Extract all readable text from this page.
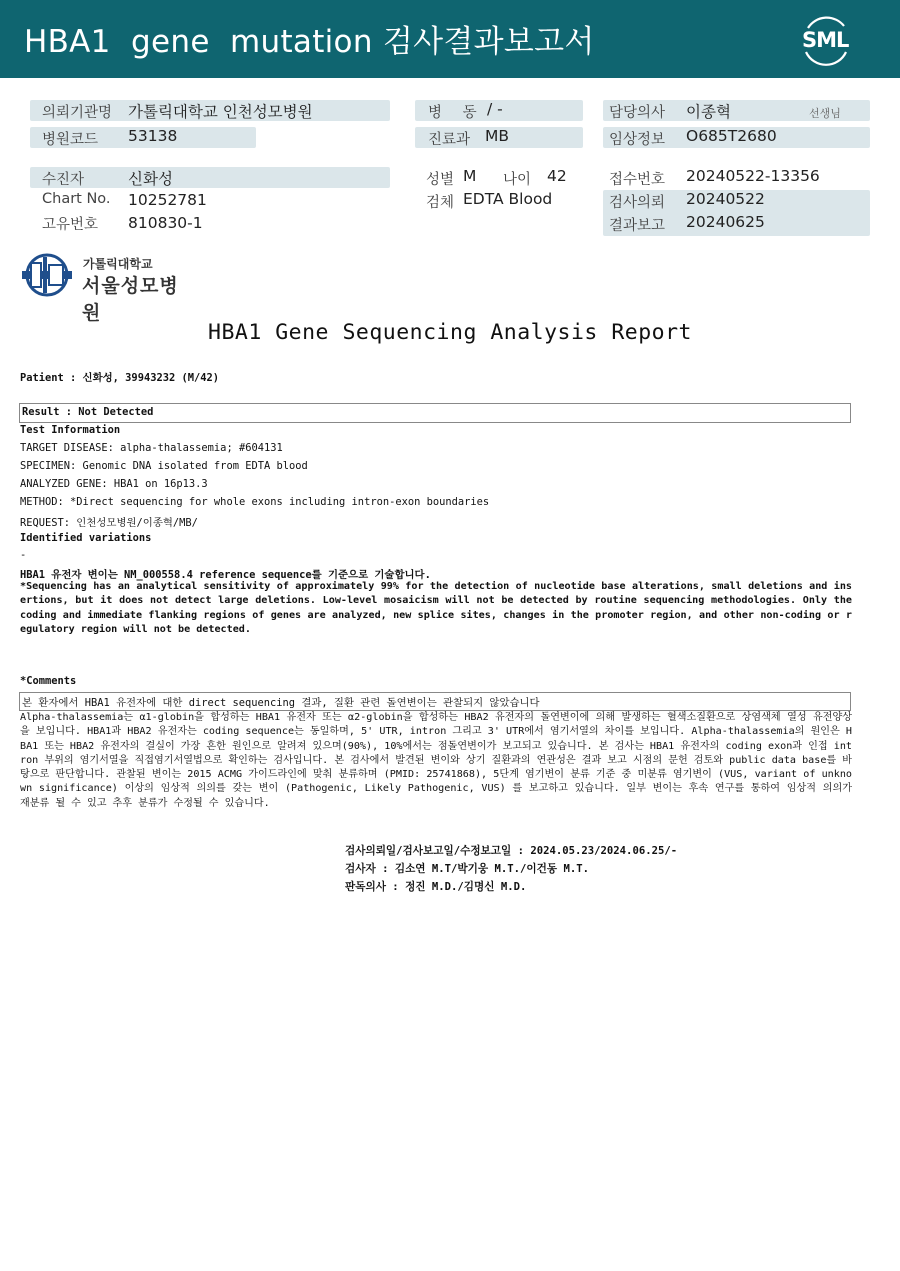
HBA1  gene  mutation 검사결과보고서	SML
의뢰기관명 가톨릭대학교 인천성모병원	병 동 / -	담당의사 이종혁	선생님
병원코드 53138	진료과 MB	임상정보 O685T2680
수진자	신화성	성별 M 나이 42	접수번호 20240522-13356
Chart No. 10252781	검체 EDTA Blood	검사의뢰 20240522
고유번호 810830-1	결과보고 20240625
가톨릭대학교
서울성모병원
HBA1 Gene Sequencing Analysis Report
Patient : 신화성, 39943232 (M/42)
Result : Not Detected
Test Information
TARGET DISEASE: alpha-thalassemia; #604131
SPECIMEN: Genomic DNA isolated from EDTA blood
ANALYZED GENE: HBA1 on 16p13.3
METHOD: *Direct sequencing for whole exons including intron-exon boundaries
REQUEST: 인천성모병원/이종혁/MB/
Identified variations
-
HBA1 유전자 변이는 NM_000558.4 reference sequence를 기준으로 기술합니다.
*Sequencing has an analytical sensitivity of approximately 99% for the detection of nucleotide base alterations, small deletions and insertions, but it does not detect large deletions. Low-level mosaicism will not be detected by routine sequencing methodologies. Only the coding and immediate flanking regions of genes are analyzed, new splice sites, changes in the promoter region, and other non-coding or regulatory region will not be detected.
*Comments
본 환자에서 HBA1 유전자에 대한 direct sequencing 결과, 질환 관련 돌연변이는 관찰되지 않았습니다
Alpha-thalassemia는 α1-globin을 합성하는 HBA1 유전자 또는 α2-globin을 합성하는 HBA2 유전자의 돌연변이에 의해 발생하는 혈색소질환으로 상염색체 열성 유전양상을 보입니다. HBA1과 HBA2 유전자는 coding sequence는 동일하며, 5' UTR, intron 그리고 3' UTR에서 염기서열의 차이를 보입니다. Alpha-thalassemia의 원인은 HBA1 또는 HBA2 유전자의 결실이 가장 흔한 원인으로 알려져 있으며(90%), 10%에서는 점돌연변이가 보고되고 있습니다. 본 검사는 HBA1 유전자의 coding exon과 인접 intron 부위의 염기서열을 직접염기서열법으로 확인하는 검사입니다. 본 검사에서 발견된 변이와 상기 질환과의 연관성은 결과 보고 시점의 문헌 검토와 public data base를 바탕으로 판단합니다. 관찰된 변이는 2015 ACMG 가이드라인에 맞춰 분류하며 (PMID: 25741868), 5단계 염기변이 분류 기준 중 미분류 염기변이 (VUS, variant of unknown significance) 이상의 임상적 의의를 갖는 변이 (Pathogenic, Likely Pathogenic, VUS) 를 보고하고 있습니다. 일부 변이는 후속 연구를 통하여 임상적 의의가 재분류 될 수 있고 추후 분류가 수정될 수 있습니다.
검사의뢰일/검사보고일/수정보고일 : 2024.05.23/2024.06.25/-
검사자 : 김소연 M.T/박기웅 M.T./이건동 M.T.
판독의사 : 정진 M.D./김명신 M.D.
